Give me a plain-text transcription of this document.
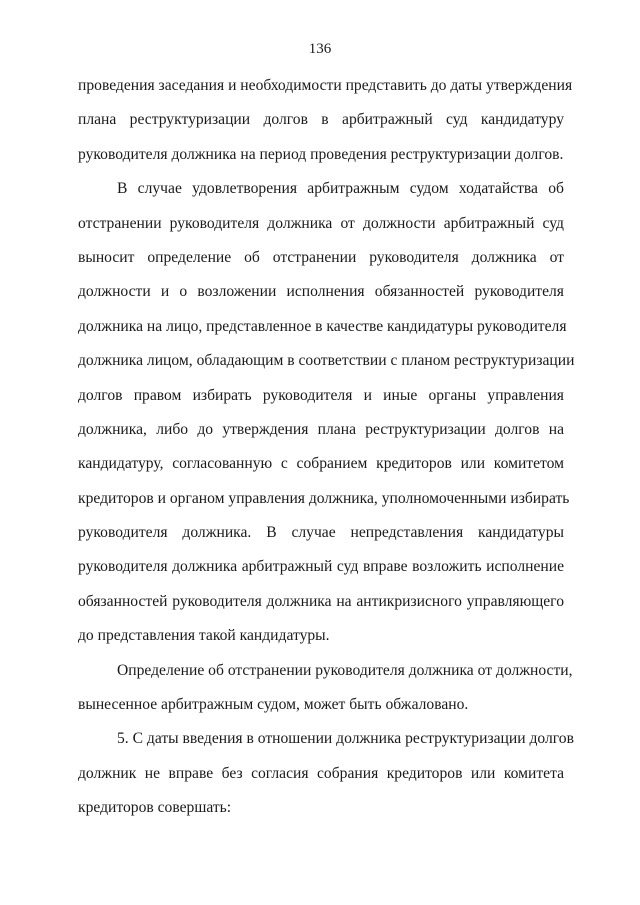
136

проведения заседания и необходимости представить до даты утверждения
плана реструктуризации долгов в арбитражный суд кандидатуру
руководителя должника на период проведения реструктуризации долгов.

В случае удовлетворения арбитражным судом ходатайства об
отстранении руководителя должника от должности арбитражный суд
выносит определение об отстранении руководителя должника от
должности и о возложении исполнения обязанностей руководителя
должника на лицо, представленное в качестве кандидатуры руководителя
должника лицом, обладающим в соответствии с планом реструктуризации
долгов правом избирать руководителя и иные органы управления
должника, либо до утверждения плана реструктуризации долгов на
кандидатуру, согласованную с собранием кредиторов или комитетом
кредиторов и органом управления должника, уполномоченными избирать
руководителя должника. В случае непредставления кандидатуры
руководителя должника арбитражный суд вправе возложить исполнение
обязанностей руководителя должника на антикризисного управляющего
до представления такой кандидатуры.

Определение об отстранении руководителя должника от должности,
вынесенное арбитражным судом, может быть обжаловано.

5. С даты введения в отношении должника реструктуризации долгов
должник не вправе без согласия собрания кредиторов или комитета
кредиторов совершать:
